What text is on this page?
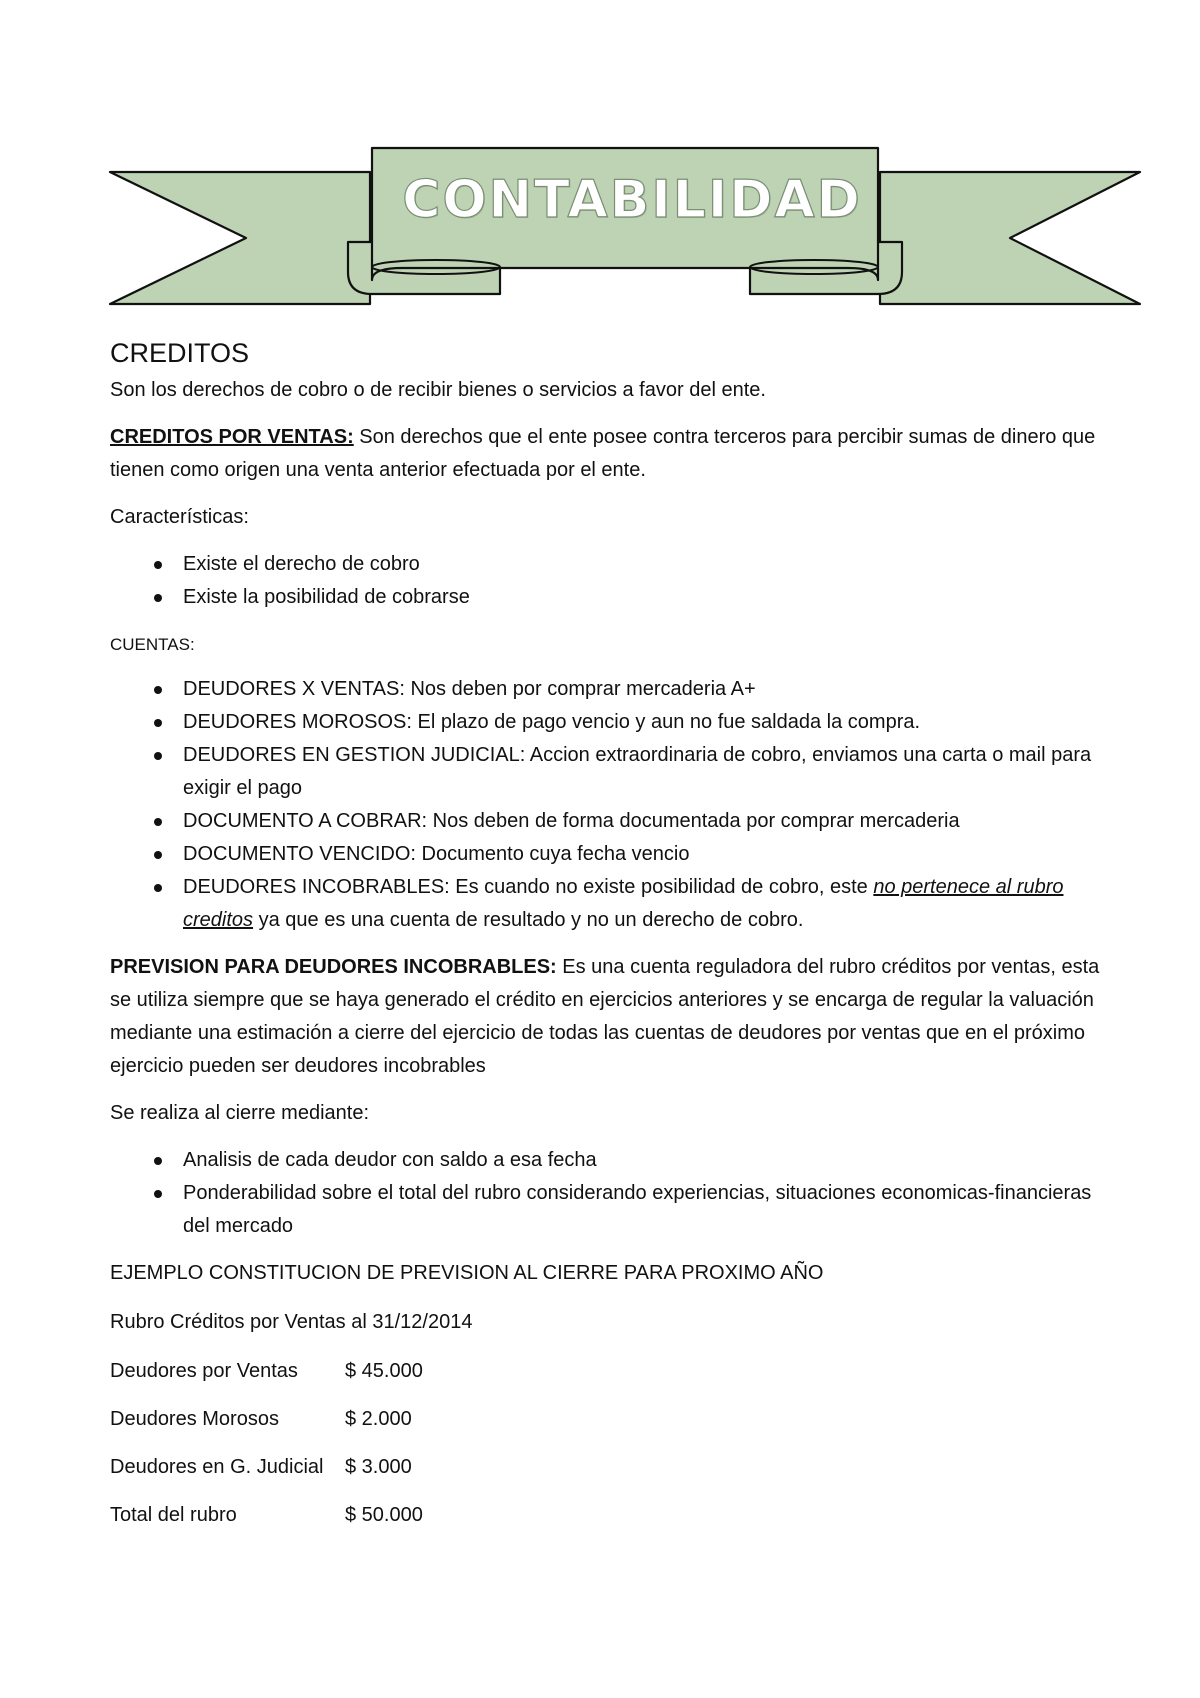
CONTABILIDAD
CREDITOS

Son los derechos de cobro o de recibir bienes o servicios a favor del ente.

CREDITOS POR VENTAS: Son derechos que el ente posee contra terceros para percibir sumas de dinero que tienen como origen una venta anterior efectuada por el ente.

Características:

Existe el derecho de cobro
Existe la posibilidad de cobrarse

CUENTAS:

DEUDORES X VENTAS: Nos deben por comprar mercaderia A+
DEUDORES MOROSOS: El plazo de pago vencio y aun no fue saldada la compra.
DEUDORES EN GESTION JUDICIAL: Accion extraordinaria de cobro, enviamos una carta o mail para exigir el pago
DOCUMENTO A COBRAR: Nos deben de forma documentada por comprar mercaderia
DOCUMENTO VENCIDO: Documento cuya fecha vencio
DEUDORES INCOBRABLES: Es cuando no existe posibilidad de cobro, este no pertenece al rubro creditos ya que es una cuenta de resultado y no un derecho de cobro.

PREVISION PARA DEUDORES INCOBRABLES: Es una cuenta reguladora del rubro créditos por ventas, esta se utiliza siempre que se haya generado el crédito en ejercicios anteriores y se encarga de regular la valuación mediante una estimación a cierre del ejercicio de todas las cuentas de deudores por ventas que en el próximo ejercicio pueden ser deudores incobrables

Se realiza al cierre mediante:

Analisis de cada deudor con saldo a esa fecha
Ponderabilidad sobre el total del rubro considerando experiencias, situaciones economicas-financieras del mercado
EJEMPLO CONSTITUCION DE PREVISION AL CIERRE PARA PROXIMO AÑO
Rubro Créditos por Ventas al 31/12/2014
Deudores por Ventas	$ 45.000
Deudores Morosos	$ 2.000
Deudores en G. Judicial	$ 3.000
Total del rubro	$ 50.000
